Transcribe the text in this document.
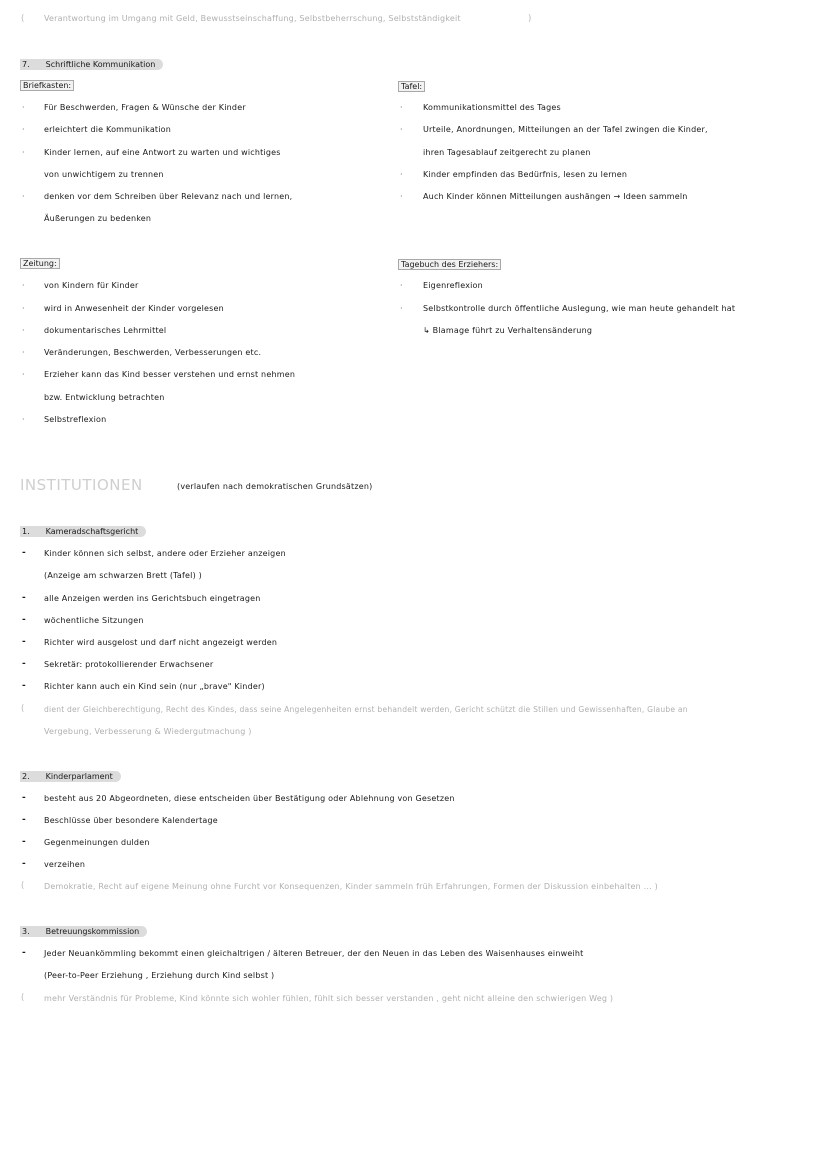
( Verantwortung im Umgang mit Geld, Bewusstseinschaffung, Selbstbeherrschung, Selbstständigkeit	)
7. Schriftliche Kommunikation
Briefkasten:
·	Für Beschwerden, Fragen & Wünsche der Kinder
·	erleichtert die Kommunikation
·	Kinder lernen, auf eine Antwort zu warten und wichtiges
von unwichtigem zu trennen
·	denken vor dem Schreiben über Relevanz nach und lernen,
Äußerungen zu bedenken
Tafel:
·	Kommunikationsmittel des Tages
·	Urteile, Anordnungen, Mitteilungen an der Tafel zwingen die Kinder,
ihren Tagesablauf zeitgerecht zu planen
·	Kinder empfinden das Bedürfnis, lesen zu lernen
·	Auch Kinder können Mitteilungen aushängen → Ideen sammeln
Zeitung:
·	von Kindern für Kinder
·	wird in Anwesenheit der Kinder vorgelesen
·	dokumentarisches Lehrmittel
·	Veränderungen, Beschwerden, Verbesserungen etc.
·	Erzieher kann das Kind besser verstehen und ernst nehmen
bzw. Entwicklung betrachten
·	Selbstreflexion
Tagebuch des Erziehers:
·	Eigenreflexion
·	Selbstkontrolle durch öffentliche Auslegung, wie man heute gehandelt hat
↳ Blamage führt zu Verhaltensänderung
INSTITUTIONEN	(verlaufen nach demokratischen Grundsätzen)
1. Kameradschaftsgericht
- Kinder können sich selbst, andere oder Erzieher anzeigen
(Anzeige am schwarzen Brett (Tafel) )
- alle Anzeigen werden ins Gerichtsbuch eingetragen
- wöchentliche Sitzungen
- Richter wird ausgelost und darf nicht angezeigt werden
- Sekretär: protokollierender Erwachsener
- Richter kann auch ein Kind sein (nur „brave" Kinder)
(	dient der Gleichberechtigung, Recht des Kindes, dass seine Angelegenheiten ernst behandelt werden, Gericht schützt die Stillen und Gewissenhaften, Glaube an
Vergebung, Verbesserung & Wiedergutmachung )
2. Kinderparlament
- besteht aus 20 Abgeordneten, diese entscheiden über Bestätigung oder Ablehnung von Gesetzen
- Beschlüsse über besondere Kalendertage
- Gegenmeinungen dulden
- verzeihen
( Demokratie, Recht auf eigene Meinung ohne Furcht vor Konsequenzen, Kinder sammeln früh Erfahrungen, Formen der Diskussion einbehalten ... )
3. Betreuungskommission
- Jeder Neuankömmling bekommt einen gleichaltrigen / älteren Betreuer, der den Neuen in das Leben des Waisenhauses einweiht
(Peer-to-Peer Erziehung , Erziehung durch Kind selbst )
( mehr Verständnis für Probleme, Kind könnte sich wohler fühlen, fühlt sich besser verstanden , geht nicht alleine den schwierigen Weg )
